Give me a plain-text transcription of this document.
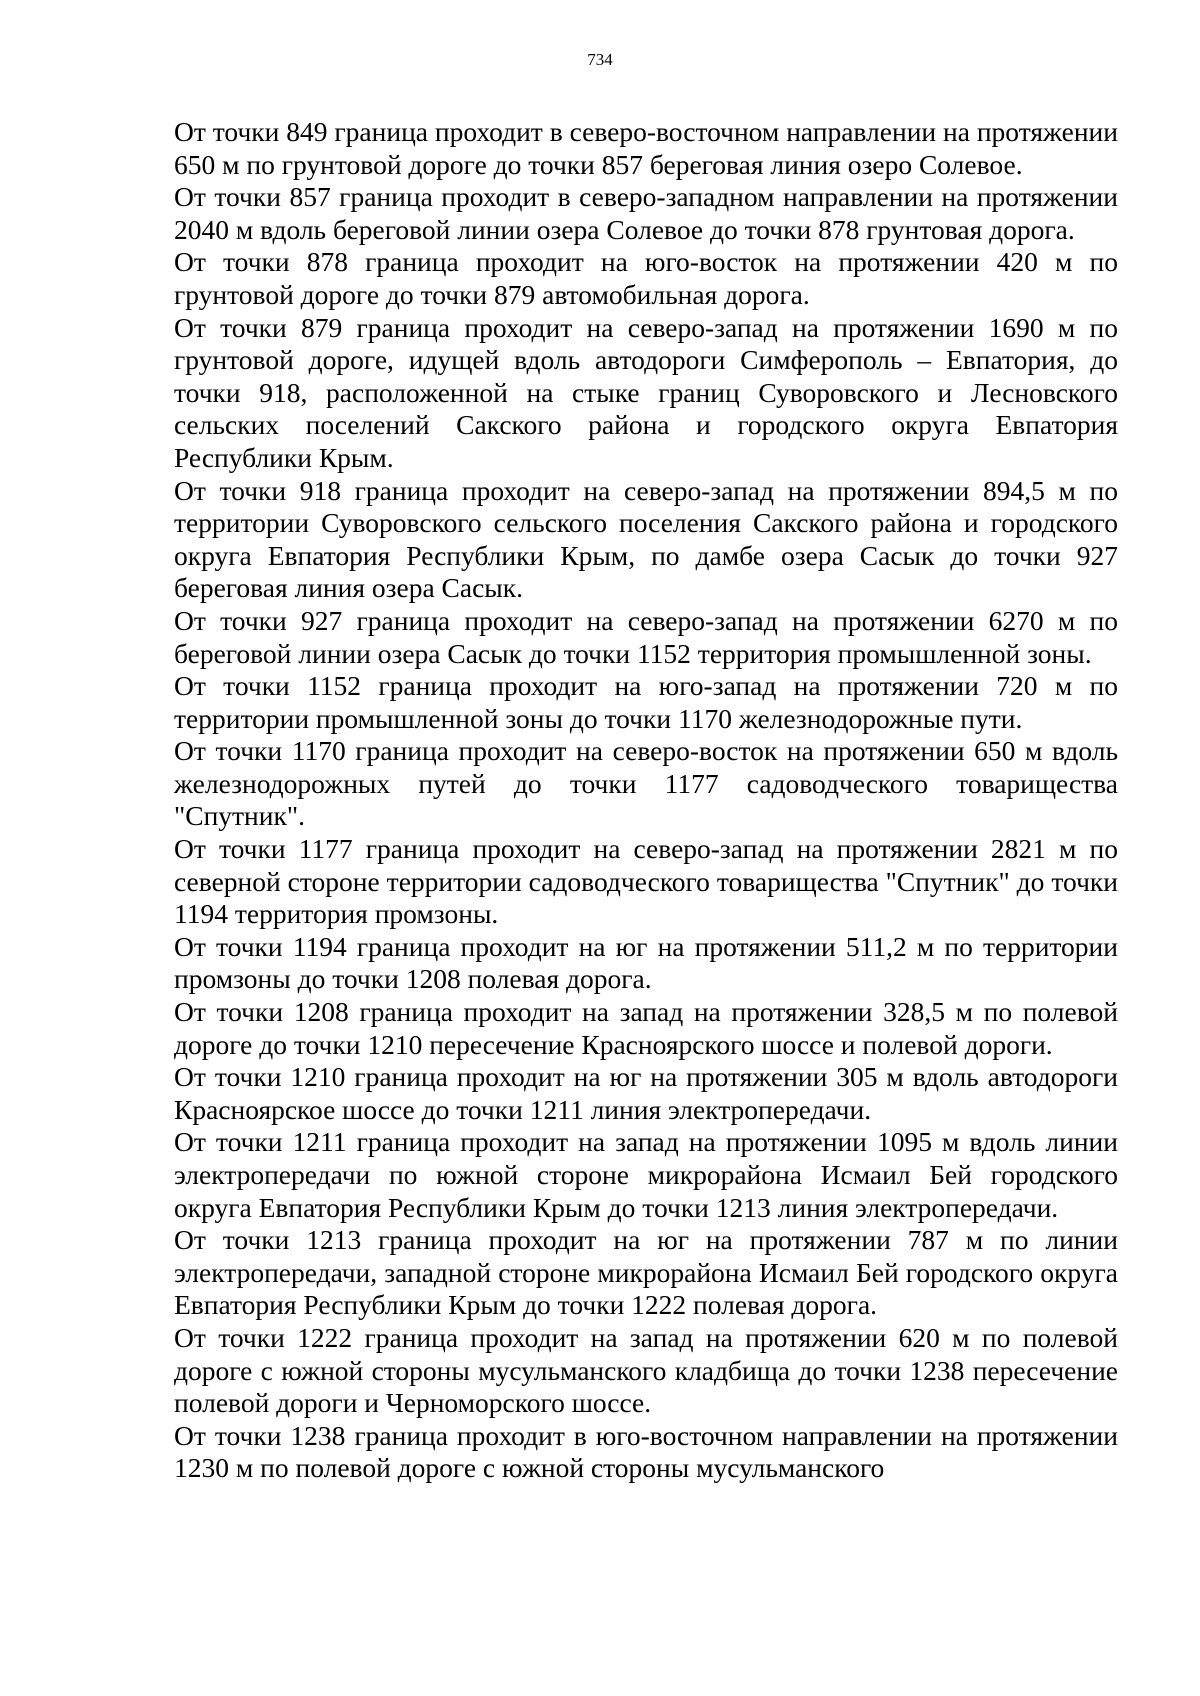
734

От точки 849 граница проходит в северо-восточном направлении на протяжении 650 м по грунтовой дороге до точки 857 береговая линия озеро Солевое.

От точки 857 граница проходит в северо-западном направлении на протяжении 2040 м вдоль береговой линии озера Солевое до точки 878 грунтовая дорога.

От точки 878 граница проходит на юго-восток на протяжении 420 м по грунтовой дороге до точки 879 автомобильная дорога.

От точки 879 граница проходит на северо-запад на протяжении 1690 м по грунтовой дороге, идущей вдоль автодороги Симферополь – Евпатория, до точки 918, расположенной на стыке границ Суворовского и Лесновского сельских поселений Сакского района и городского округа Евпатория Республики Крым.

От точки 918 граница проходит на северо-запад на протяжении 894,5 м по территории Суворовского сельского поселения Сакского района и городского округа Евпатория Республики Крым, по дамбе озера Сасык до точки 927 береговая линия озера Сасык.

От точки 927 граница проходит на северо-запад на протяжении 6270 м по береговой линии озера Сасык до точки 1152 территория промышленной зоны.

От точки 1152 граница проходит на юго-запад на протяжении 720 м по территории промышленной зоны до точки 1170 железнодорожные пути.

От точки 1170 граница проходит на северо-восток на протяжении 650 м вдоль железнодорожных путей до точки 1177 садоводческого товарищества "Спутник".

От точки 1177 граница проходит на северо-запад на протяжении 2821 м по северной стороне территории садоводческого товарищества "Спутник" до точки 1194 территория промзоны.

От точки 1194 граница проходит на юг на протяжении 511,2 м по территории промзоны до точки 1208 полевая дорога.

От точки 1208 граница проходит на запад на протяжении 328,5 м по полевой дороге до точки 1210 пересечение Красноярского шоссе и полевой дороги.

От точки 1210 граница проходит на юг на протяжении 305 м вдоль автодороги Красноярское шоссе до точки 1211 линия электропередачи.

От точки 1211 граница проходит на запад на протяжении 1095 м вдоль линии электропередачи по южной стороне микрорайона Исмаил Бей городского округа Евпатория Республики Крым до точки 1213 линия электропередачи.

От точки 1213 граница проходит на юг на протяжении 787 м по линии электропередачи, западной стороне микрорайона Исмаил Бей городского округа Евпатория Республики Крым до точки 1222 полевая дорога.

От точки 1222 граница проходит на запад на протяжении 620 м по полевой дороге с южной стороны мусульманского кладбища до точки 1238 пересечение полевой дороги и Черноморского шоссе.

От точки 1238 граница проходит в юго-восточном направлении на протяжении 1230 м по полевой дороге с южной стороны мусульманского
